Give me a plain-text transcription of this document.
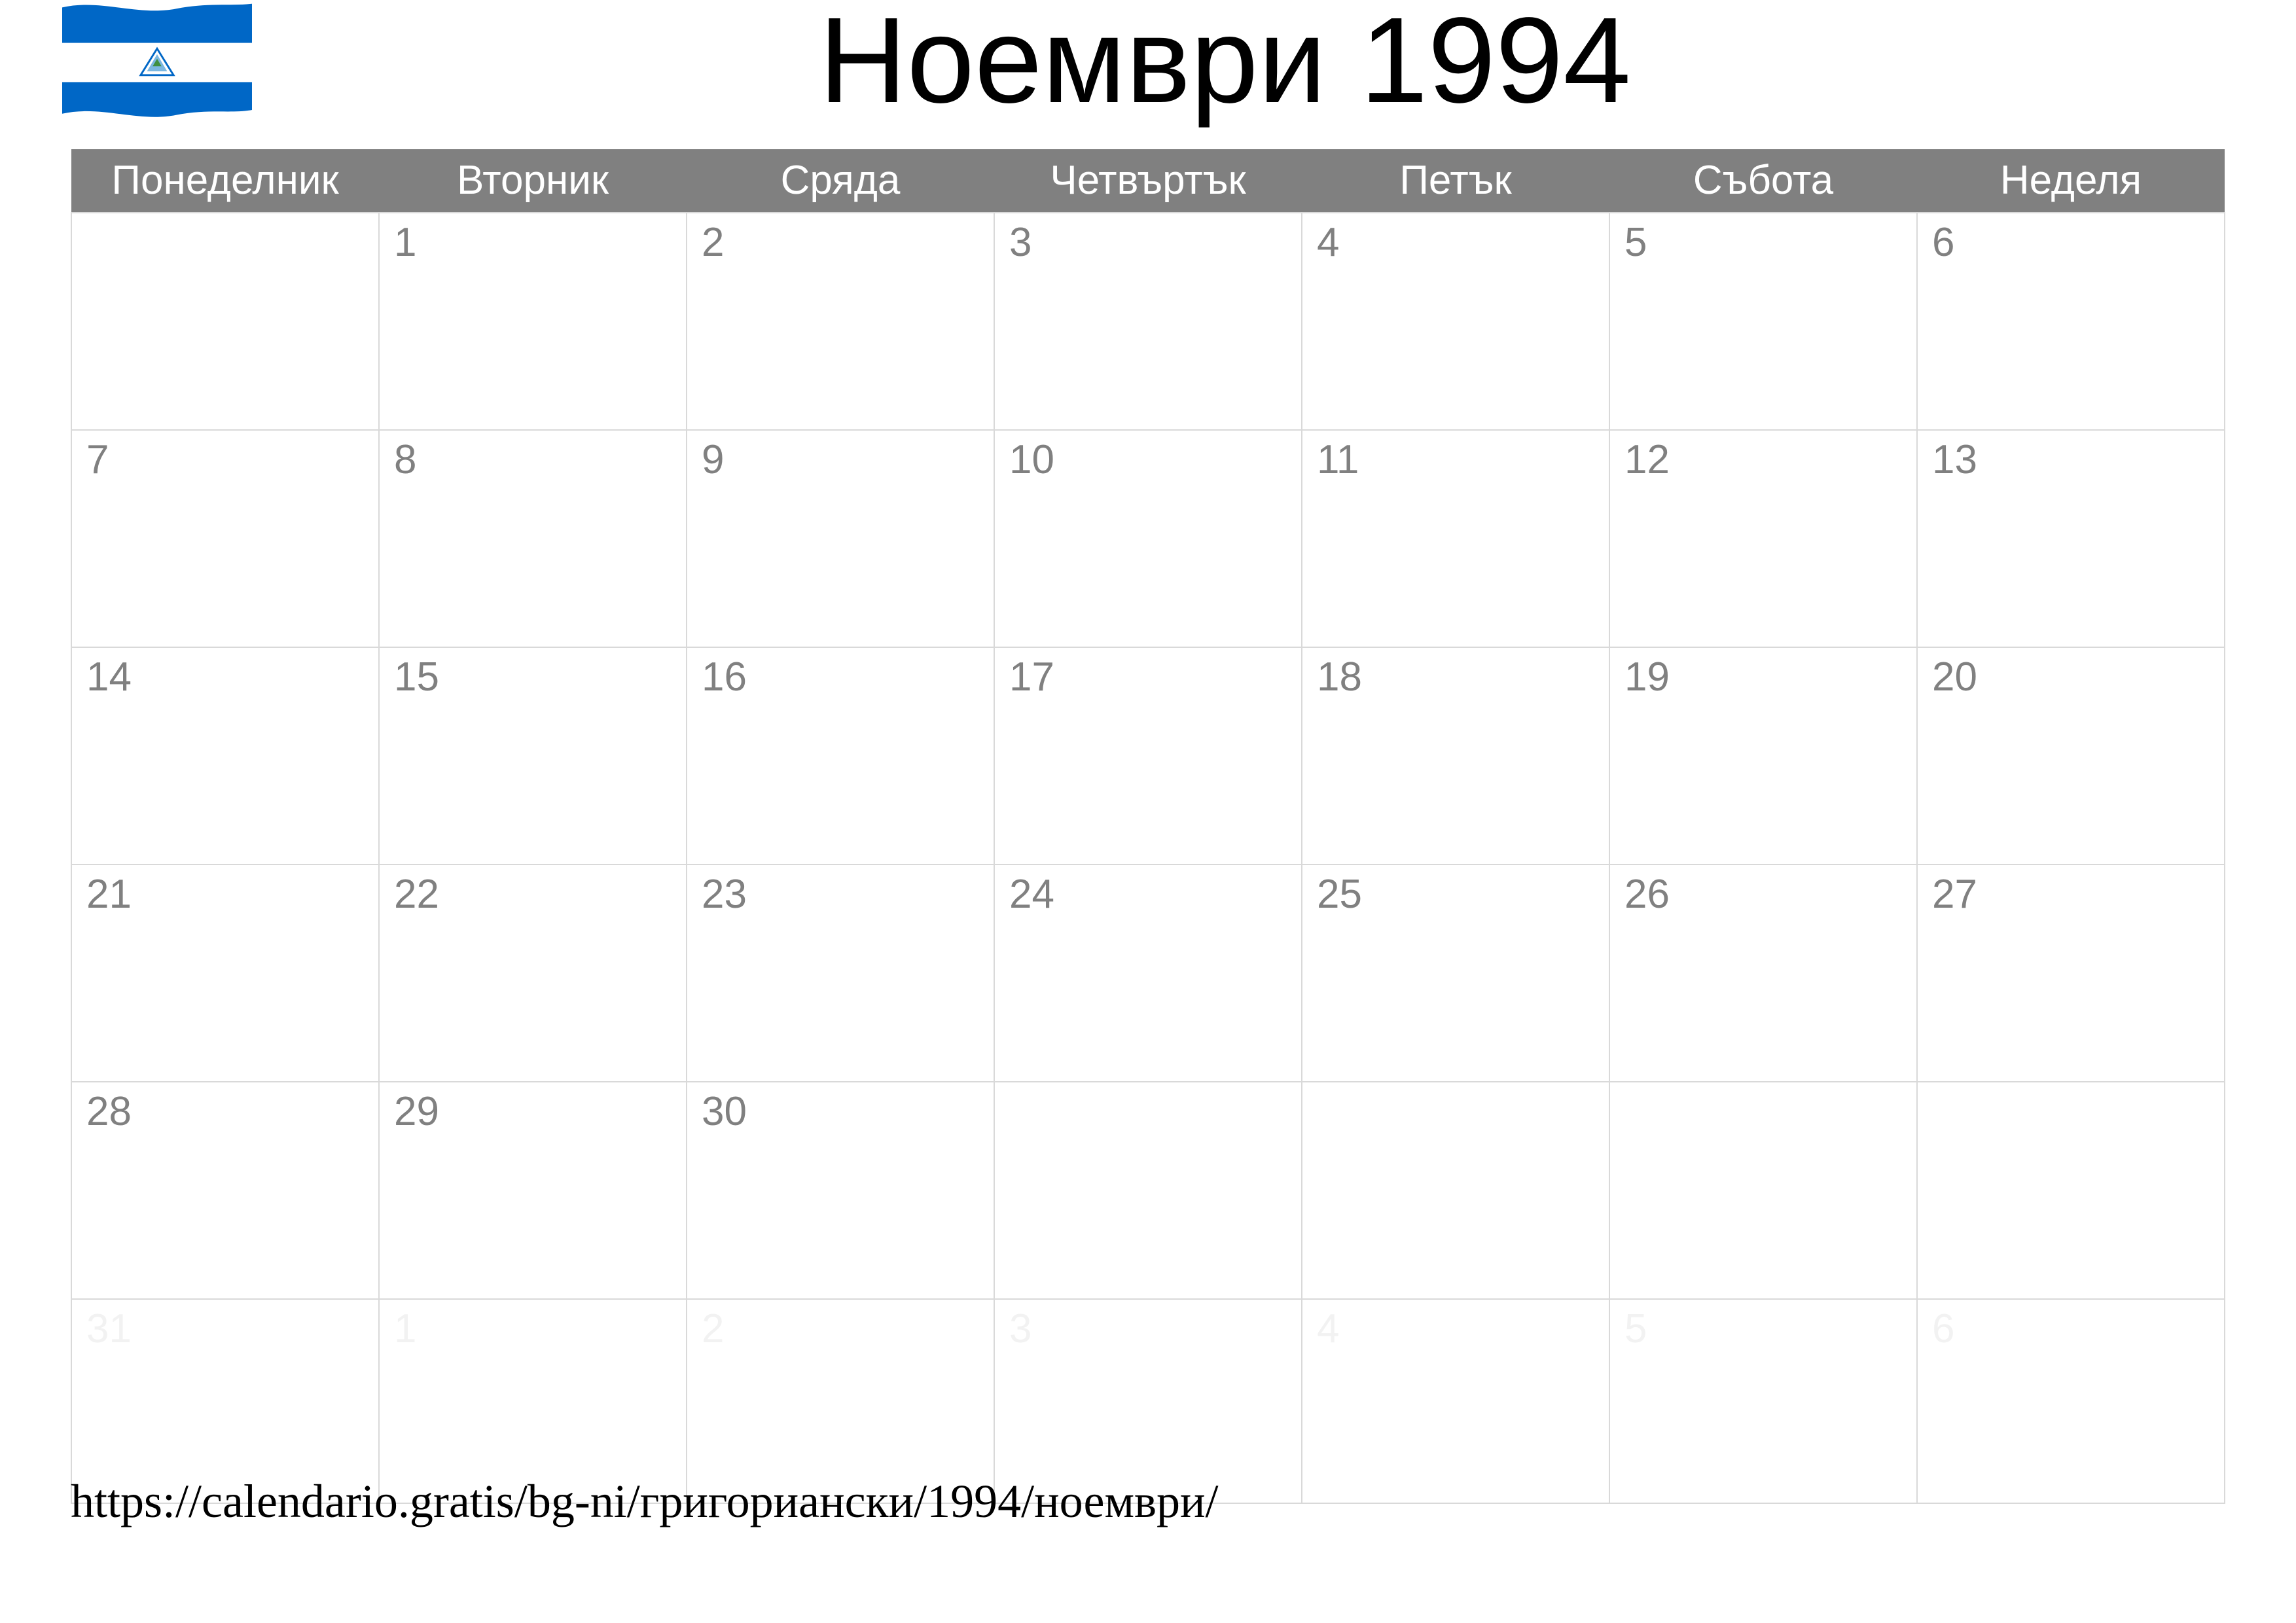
Ноември 1994
Понеделник	Вторник	Сряда	Четвъртък	Петък	Събота	Неделя

	1	2	3	4	5	6

7	8	9	10	11	12	13

14	15	16	17	18	19	20

21	22	23	24	25	26	27

28	29	30				

31	1	2	3	4	5	6
https://calendario.gratis/bg-ni/григориански/1994/ноември/
